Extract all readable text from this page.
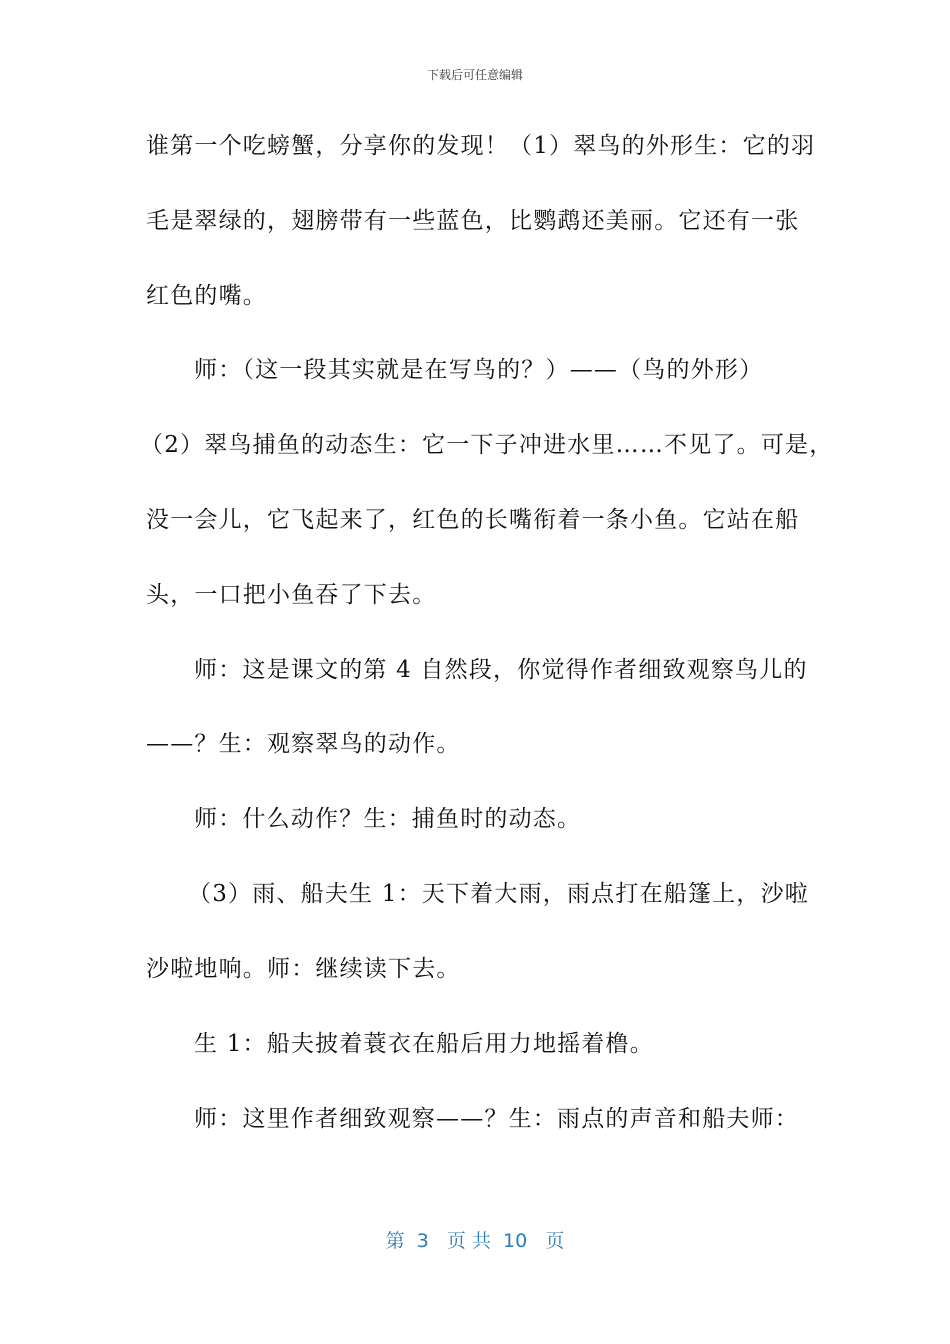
下载后可任意编辑
谁第一个吃螃蟹，分享你的发现！（1）翠鸟的外形生：它的羽
毛是翠绿的，翅膀带有一些蓝色，比鹦鹉还美丽。它还有一张
红色的嘴。
师：（这一段其实就是在写鸟的？）——（鸟的外形）
（2）翠鸟捕鱼的动态生：它一下子冲进水里……不见了。可是，
没一会儿，它飞起来了，红色的长嘴衔着一条小鱼。它站在船
头，一口把小鱼吞了下去。
师：这是课文的第 4 自然段，你觉得作者细致观察鸟儿的
——？生：观察翠鸟的动作。
师：什么动作？生：捕鱼时的动态。
（3）雨、船夫生 1：天下着大雨，雨点打在船篷上，沙啦
沙啦地响。师：继续读下去。
生 1：船夫披着蓑衣在船后用力地摇着橹。
师：这里作者细致观察——？生：雨点的声音和船夫师：
第  3   页 共  10   页
